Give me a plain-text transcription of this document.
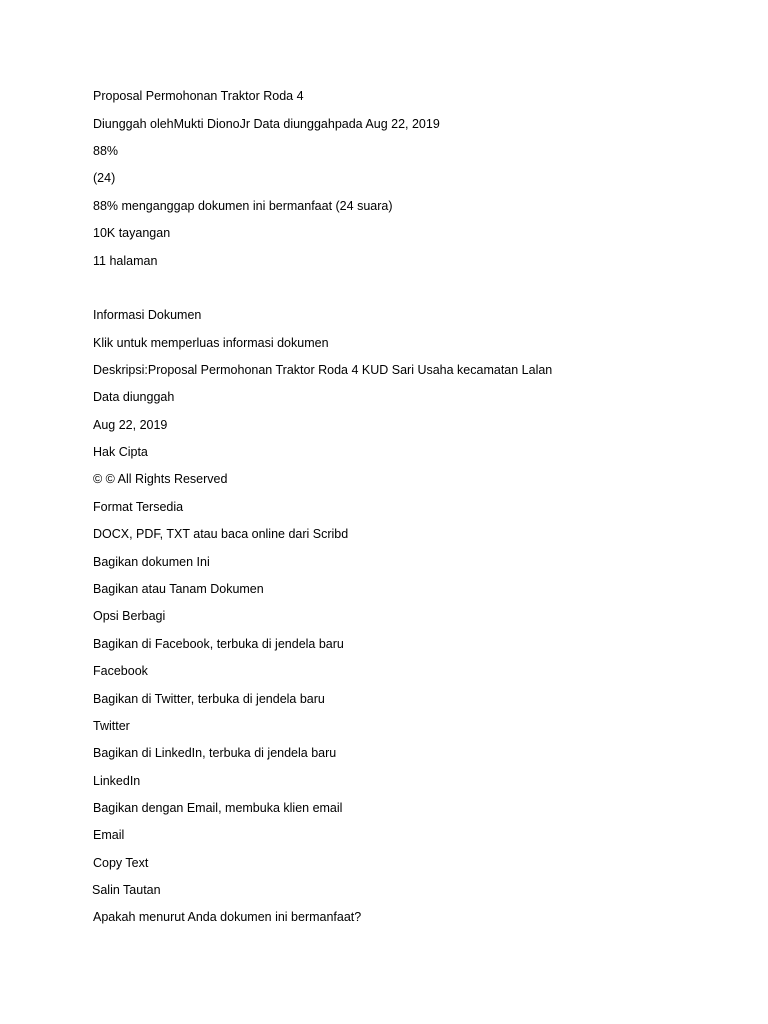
Proposal Permohonan Traktor Roda 4
Diunggah olehMukti DionoJr Data diunggahpada Aug 22, 2019
88%
(24)
88% menganggap dokumen ini bermanfaat (24 suara)
10K tayangan
11 halaman
Informasi Dokumen
Klik untuk memperluas informasi dokumen
Deskripsi:Proposal Permohonan Traktor Roda 4 KUD Sari Usaha kecamatan Lalan
Data diunggah
Aug 22, 2019
Hak Cipta
© © All Rights Reserved
Format Tersedia
DOCX, PDF, TXT atau baca online dari Scribd
Bagikan dokumen Ini
Bagikan atau Tanam Dokumen
Opsi Berbagi
Bagikan di Facebook, terbuka di jendela baru
Facebook
Bagikan di Twitter, terbuka di jendela baru
Twitter
Bagikan di LinkedIn, terbuka di jendela baru
LinkedIn
Bagikan dengan Email, membuka klien email
Email
Copy Text
Salin Tautan
Apakah menurut Anda dokumen ini bermanfaat?
